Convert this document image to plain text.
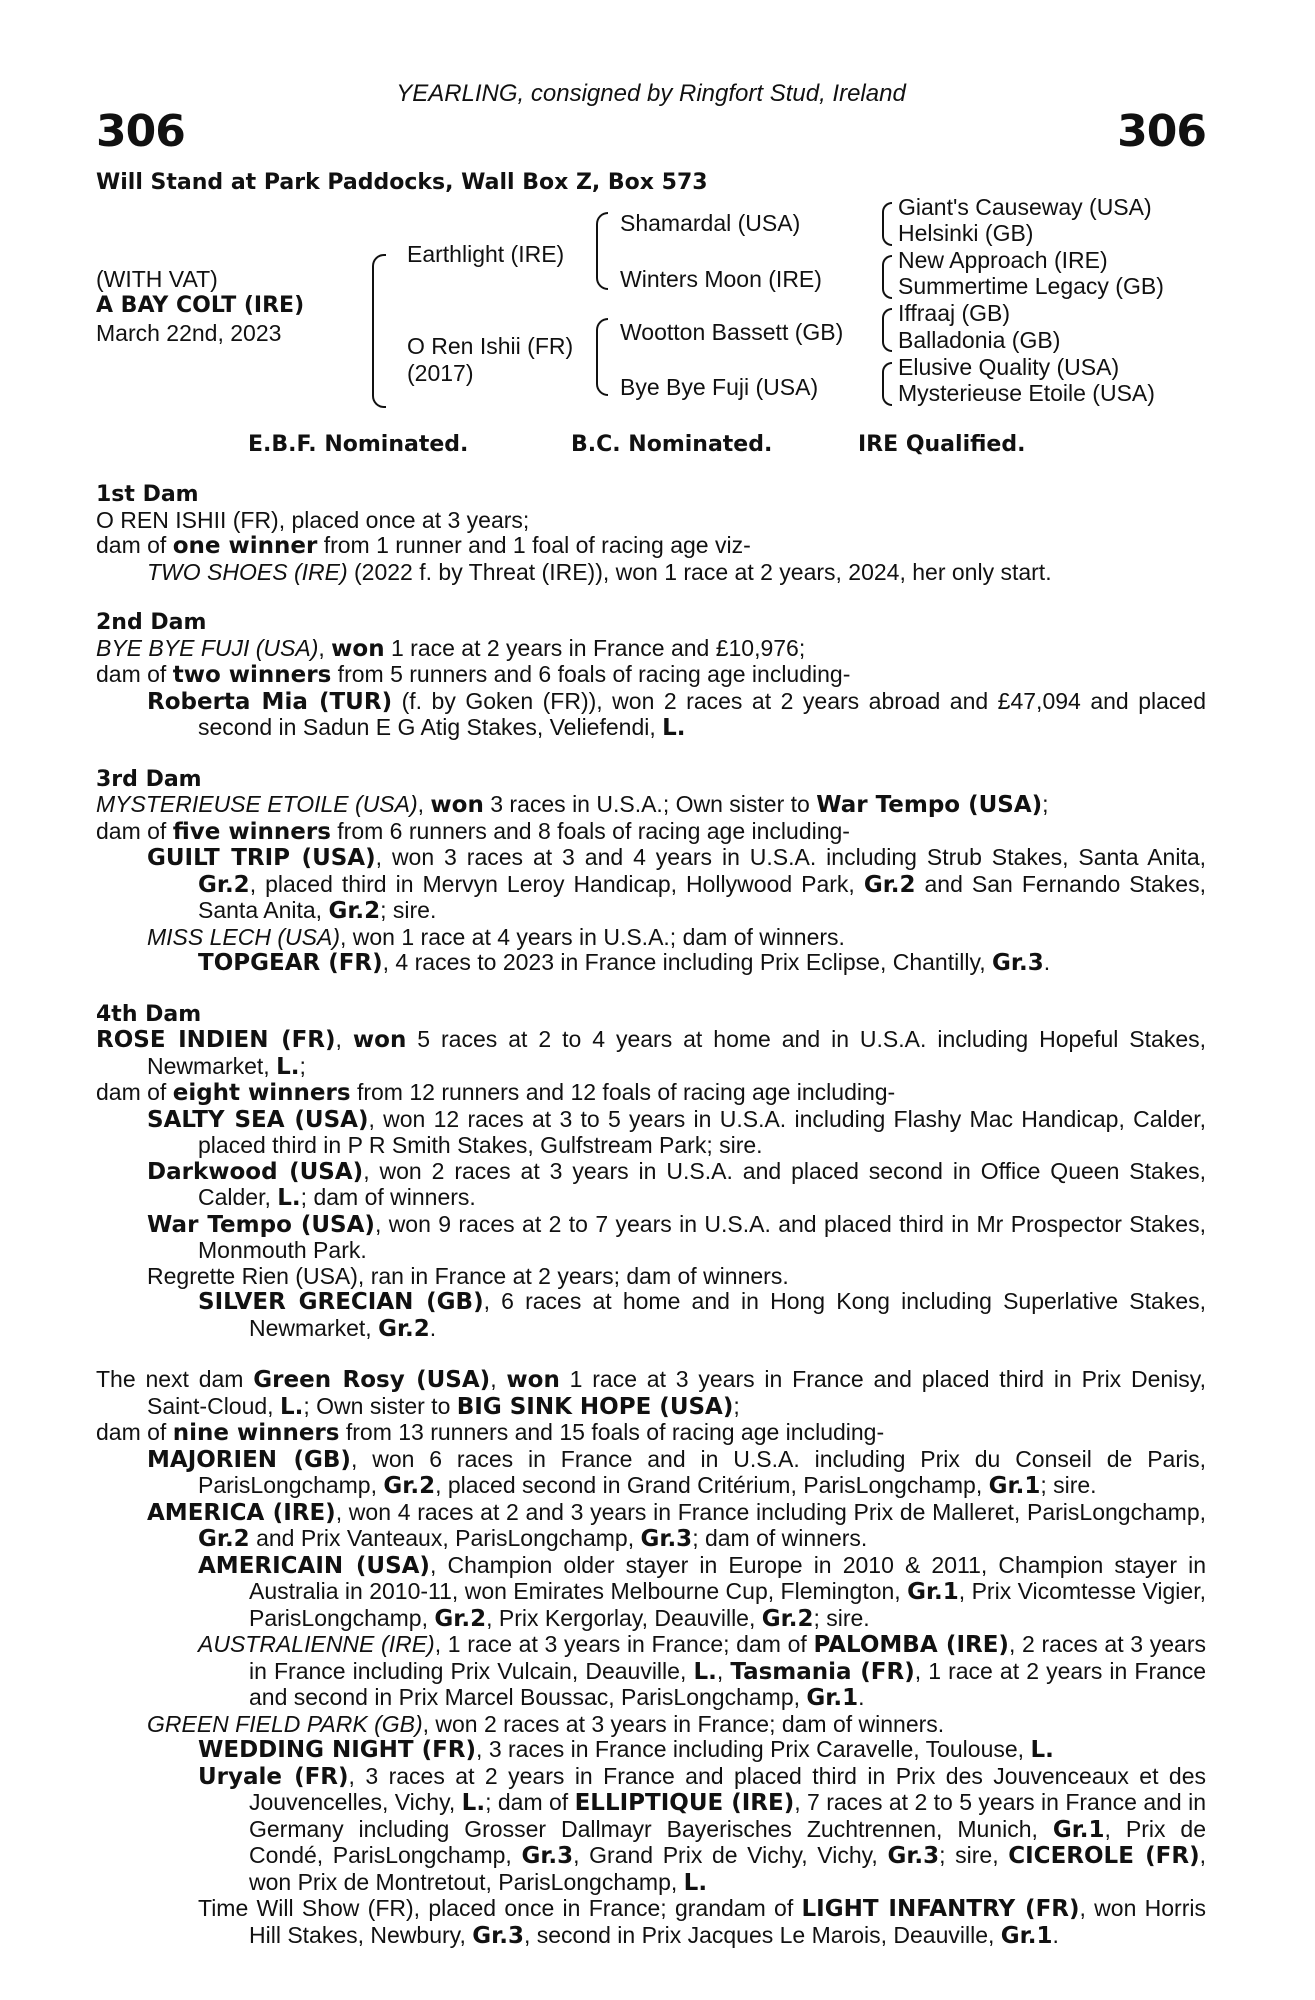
YEARLING, consigned by Ringfort Stud, Ireland
306	306
Will Stand at Park Paddocks, Wall Box Z, Box 573
(WITH VAT)
A BAY COLT (IRE)
March 22nd, 2023
Earthlight (IRE)
O Ren Ishii (FR)
(2017)
Shamardal (USA)
Winters Moon (IRE)
Wootton Bassett (GB)
Bye Bye Fuji (USA)
Giant's Causeway (USA)
Helsinki (GB)
New Approach (IRE)
Summertime Legacy (GB)
Iffraaj (GB)
Balladonia (GB)
Elusive Quality (USA)
Mysterieuse Etoile (USA)
E.B.F. Nominated.	B.C. Nominated.	IRE Qualified.
1st Dam
O REN ISHII (FR), placed once at 3 years;
dam of one winner from 1 runner and 1 foal of racing age viz-
TWO SHOES (IRE) (2022 f. by Threat (IRE)), won 1 race at 2 years, 2024, her only start.
2nd Dam
BYE BYE FUJI (USA), won 1 race at 2 years in France and £10,976;
dam of two winners from 5 runners and 6 foals of racing age including-
Roberta Mia (TUR) (f. by Goken (FR)), won 2 races at 2 years abroad and £47,094 and placed second in Sadun E G Atig Stakes, Veliefendi, L.
3rd Dam
MYSTERIEUSE ETOILE (USA), won 3 races in U.S.A.; Own sister to War Tempo (USA);
dam of five winners from 6 runners and 8 foals of racing age including-
GUILT TRIP (USA), won 3 races at 3 and 4 years in U.S.A. including Strub Stakes, Santa Anita, Gr.2, placed third in Mervyn Leroy Handicap, Hollywood Park, Gr.2 and San Fernando Stakes, Santa Anita, Gr.2; sire.
MISS LECH (USA), won 1 race at 4 years in U.S.A.; dam of winners.
TOPGEAR (FR), 4 races to 2023 in France including Prix Eclipse, Chantilly, Gr.3.
4th Dam
ROSE INDIEN (FR), won 5 races at 2 to 4 years at home and in U.S.A. including Hopeful Stakes, Newmarket, L.;
dam of eight winners from 12 runners and 12 foals of racing age including-
SALTY SEA (USA), won 12 races at 3 to 5 years in U.S.A. including Flashy Mac Handicap, Calder, placed third in P R Smith Stakes, Gulfstream Park; sire.
Darkwood (USA), won 2 races at 3 years in U.S.A. and placed second in Office Queen Stakes, Calder, L.; dam of winners.
War Tempo (USA), won 9 races at 2 to 7 years in U.S.A. and placed third in Mr Prospector Stakes, Monmouth Park.
Regrette Rien (USA), ran in France at 2 years; dam of winners.
SILVER GRECIAN (GB), 6 races at home and in Hong Kong including Superlative Stakes, Newmarket, Gr.2.
The next dam Green Rosy (USA), won 1 race at 3 years in France and placed third in Prix Denisy, Saint-Cloud, L.; Own sister to BIG SINK HOPE (USA);
dam of nine winners from 13 runners and 15 foals of racing age including-
MAJORIEN (GB), won 6 races in France and in U.S.A. including Prix du Conseil de Paris, ParisLongchamp, Gr.2, placed second in Grand Critérium, ParisLongchamp, Gr.1; sire.
AMERICA (IRE), won 4 races at 2 and 3 years in France including Prix de Malleret, ParisLongchamp, Gr.2 and Prix Vanteaux, ParisLongchamp, Gr.3; dam of winners.
AMERICAIN (USA), Champion older stayer in Europe in 2010 & 2011, Champion stayer in Australia in 2010-11, won Emirates Melbourne Cup, Flemington, Gr.1, Prix Vicomtesse Vigier, ParisLongchamp, Gr.2, Prix Kergorlay, Deauville, Gr.2; sire.
AUSTRALIENNE (IRE), 1 race at 3 years in France; dam of PALOMBA (IRE), 2 races at 3 years in France including Prix Vulcain, Deauville, L., Tasmania (FR), 1 race at 2 years in France and second in Prix Marcel Boussac, ParisLongchamp, Gr.1.
GREEN FIELD PARK (GB), won 2 races at 3 years in France; dam of winners.
WEDDING NIGHT (FR), 3 races in France including Prix Caravelle, Toulouse, L.
Uryale (FR), 3 races at 2 years in France and placed third in Prix des Jouvenceaux et des Jouvencelles, Vichy, L.; dam of ELLIPTIQUE (IRE), 7 races at 2 to 5 years in France and in Germany including Grosser Dallmayr Bayerisches Zuchtrennen, Munich, Gr.1, Prix de Condé, ParisLongchamp, Gr.3, Grand Prix de Vichy, Vichy, Gr.3; sire, CICEROLE (FR), won Prix de Montretout, ParisLongchamp, L.
Time Will Show (FR), placed once in France; grandam of LIGHT INFANTRY (FR), won Horris Hill Stakes, Newbury, Gr.3, second in Prix Jacques Le Marois, Deauville, Gr.1.
